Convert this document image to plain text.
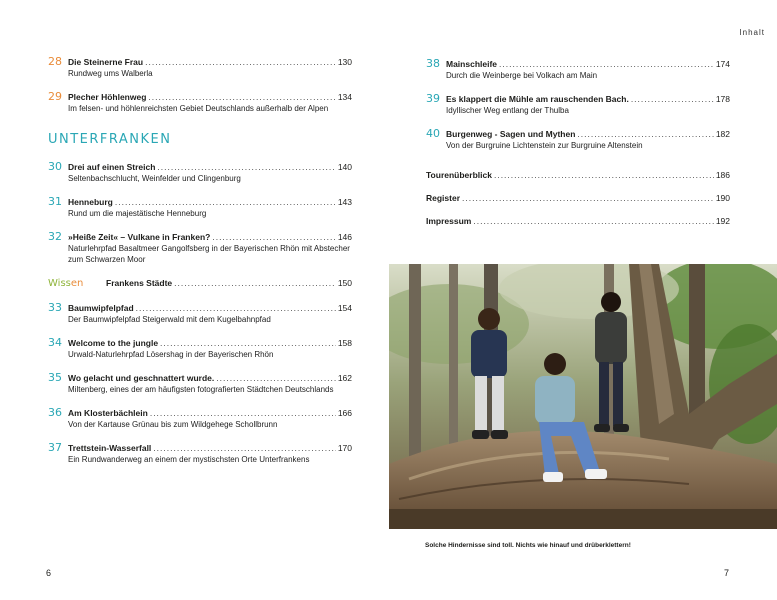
Inhalt
28 Die Steinerne Frau .....	130
Rundweg ums Walberla
29 Plecher Höhlenweg .....	134
Im felsen- und höhlenreichsten Gebiet Deutschlands außerhalb der Alpen
UNTERFRANKEN
30 Drei auf einen Streich .....	140
Seltenbachschlucht, Weinfelder und Clingenburg
31 Henneburg .....	143
Rund um die majestätische Henneburg
32 »Heiße Zeit« – Vulkane in Franken? .....	146
Naturlehrpfad Basaltmeer Gangolfsberg in der Bayerischen Rhön mit Abstecher zum Schwarzen Moor
Wissen	Frankens Städte .....	150
33 Baumwipfelpfad .....	154
Der Baumwipfelpfad Steigerwald mit dem Kugelbahnpfad
34 Welcome to the jungle .....	158
Urwald-Naturlehrpfad Lösershag in der Bayerischen Rhön
35 Wo gelacht und geschnattert wurde. .....	162
Miltenberg, eines der am häufigsten fotografierten Städtchen Deutschlands
36 Am Klosterbächlein .....	166
Von der Kartause Grünau bis zum Wildgehege Schollbrunn
37 Trettstein-Wasserfall .....	170
Ein Rundwanderweg an einem der mystischsten Orte Unterfrankens
38 Mainschleife .....	174
Durch die Weinberge bei Volkach am Main
39 Es klappert die Mühle am rauschenden Bach. .....	178
Idyllischer Weg entlang der Thulba
40 Burgenweg - Sagen und Mythen .....	182
Von der Burgruine Lichtenstein zur Burgruine Altenstein
Tourenüberblick .....	186
Register .....	190
Impressum .....	192
Solche Hindernisse sind toll. Nichts wie hinauf und drüberklettern!
6	7
